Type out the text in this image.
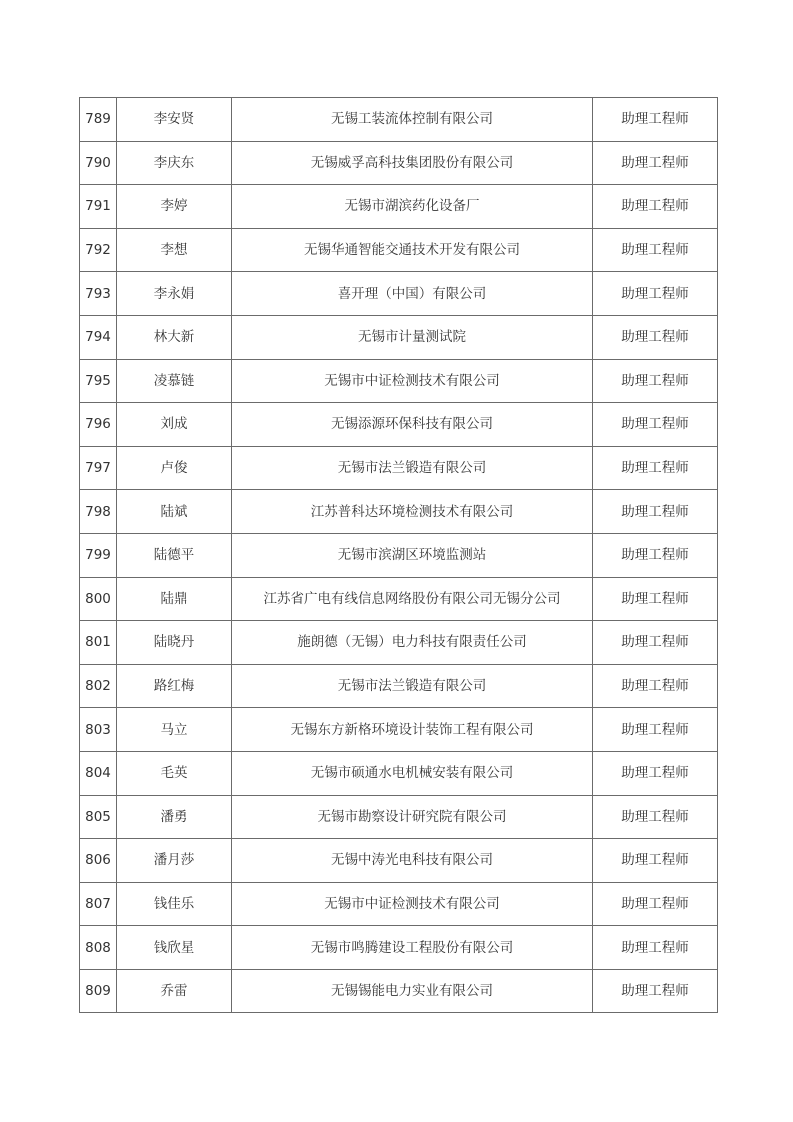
789	李安贤	无锡工装流体控制有限公司	助理工程师
790	李庆东	无锡威孚高科技集团股份有限公司	助理工程师
791	李婷	无锡市湖滨药化设备厂	助理工程师
792	李想	无锡华通智能交通技术开发有限公司	助理工程师
793	李永娟	喜开理（中国）有限公司	助理工程师
794	林大新	无锡市计量测试院	助理工程师
795	凌慕链	无锡市中证检测技术有限公司	助理工程师
796	刘成	无锡添源环保科技有限公司	助理工程师
797	卢俊	无锡市法兰锻造有限公司	助理工程师
798	陆斌	江苏普科达环境检测技术有限公司	助理工程师
799	陆德平	无锡市滨湖区环境监测站	助理工程师
800	陆鼎	江苏省广电有线信息网络股份有限公司无锡分公司	助理工程师
801	陆晓丹	施朗德（无锡）电力科技有限责任公司	助理工程师
802	路红梅	无锡市法兰锻造有限公司	助理工程师
803	马立	无锡东方新格环境设计装饰工程有限公司	助理工程师
804	毛英	无锡市硕通水电机械安装有限公司	助理工程师
805	潘勇	无锡市勘察设计研究院有限公司	助理工程师
806	潘月莎	无锡中涛光电科技有限公司	助理工程师
807	钱佳乐	无锡市中证检测技术有限公司	助理工程师
808	钱欣星	无锡市鸣腾建设工程股份有限公司	助理工程师
809	乔雷	无锡锡能电力实业有限公司	助理工程师
